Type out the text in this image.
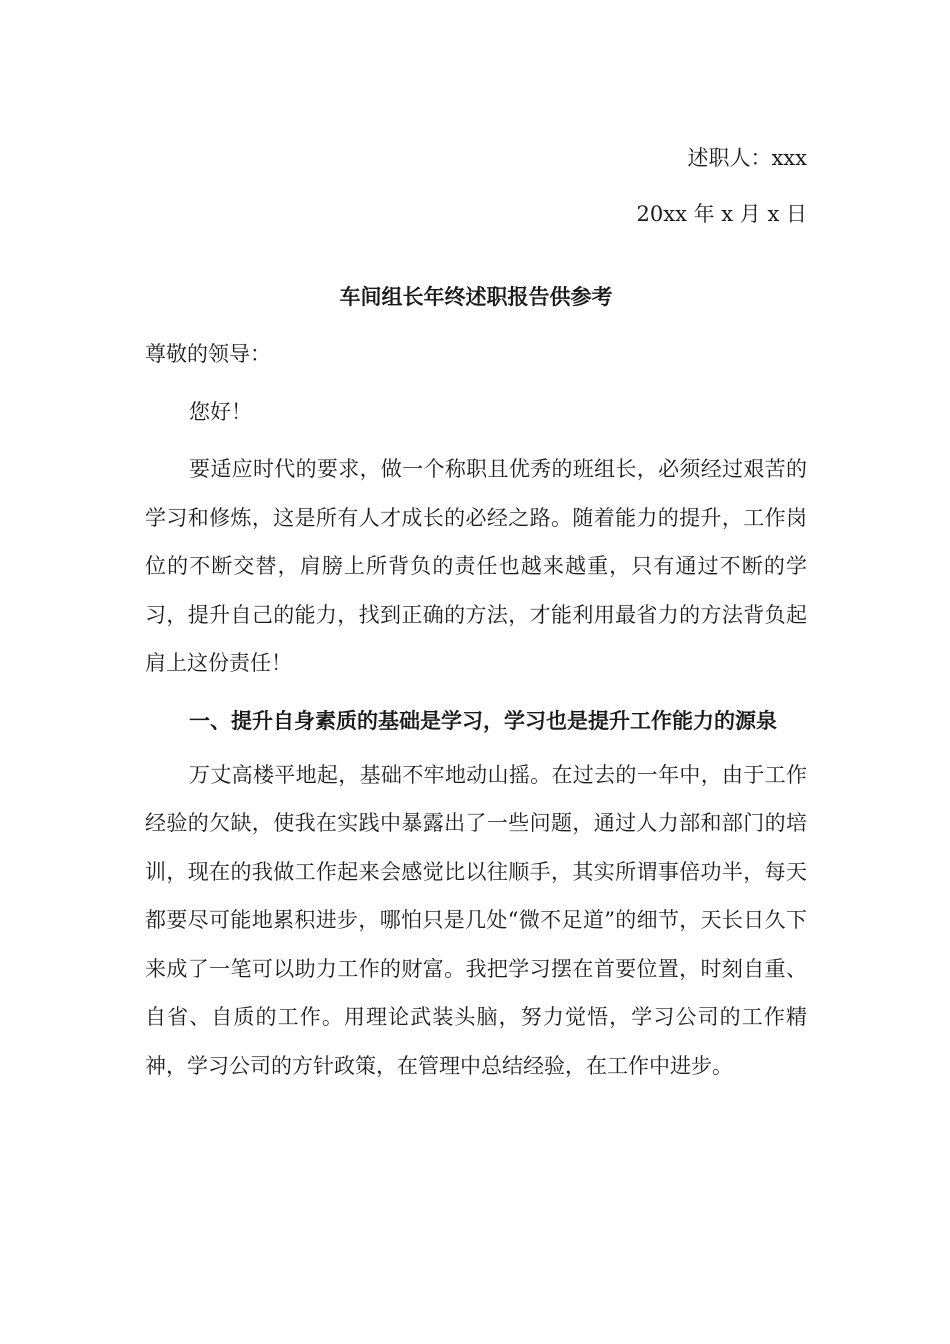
述职人：xxx
20xx 年 x 月 x 日
车间组长年终述职报告供参考
尊敬的领导：

您好！

要适应时代的要求，做一个称职且优秀的班组长，必须经过艰苦的学习和修炼，这是所有人才成长的必经之路。随着能力的提升，工作岗位的不断交替，肩膀上所背负的责任也越来越重，只有通过不断的学习，提升自己的能力，找到正确的方法，才能利用最省力的方法背负起肩上这份责任！

一、提升自身素质的基础是学习，学习也是提升工作能力的源泉

万丈高楼平地起，基础不牢地动山摇。在过去的一年中，由于工作经验的欠缺，使我在实践中暴露出了一些问题，通过人力部和部门的培训，现在的我做工作起来会感觉比以往顺手，其实所谓事倍功半，每天都要尽可能地累积进步，哪怕只是几处“微不足道”的细节，天长日久下来成了一笔可以助力工作的财富。我把学习摆在首要位置，时刻自重、自省、自质的工作。用理论武装头脑，努力觉悟，学习公司的工作精神，学习公司的方针政策，在管理中总结经验，在工作中进步。
